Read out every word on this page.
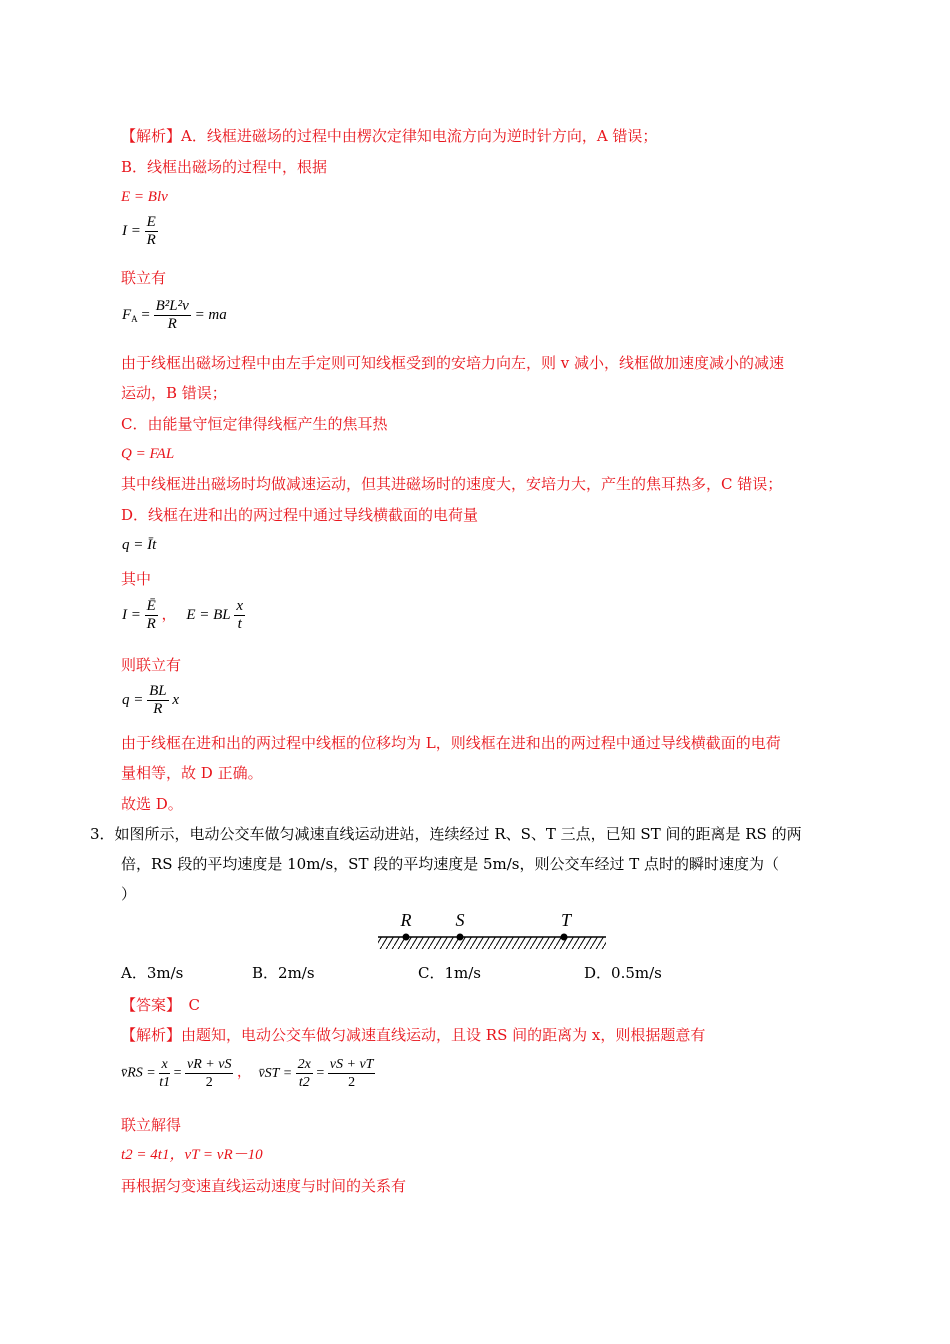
【解析】A．线框进磁场的过程中由楞次定律知电流方向为逆时针方向，A 错误；
B．线框出磁场的过程中，根据
E = Blv
$I = \frac{E}{R}$
联立有
$F_A = \frac{\text{B²L²v}}{R}$ = ma
由于线框出磁场过程中由左手定则可知线框受到的安培力向左，则 v 减小，线框做加速度减小的减速
运动，B 错误；
C．由能量守恒定律得线框产生的焦耳热
Q = FAL
其中线框进出磁场时均做减速运动，但其进磁场时的速度大，安培力大，产生的焦耳热多，C 错误；
D．线框在进和出的两过程中通过导线横截面的电荷量
q = Īt
其中
$I = \frac{Ē}{R}$ ， E = BL $\frac{x}{t}$
则联立有
$q = \frac{BL}{R}$ x
由于线框在进和出的两过程中线框的位移均为 L，则线框在进和出的两过程中通过导线横截面的电荷
量相等，故 D 正确。
故选 D。
3．如图所示，电动公交车做匀减速直线运动进站，连续经过 R、S、T 三点，已知 ST 间的距离是 RS 的两
倍，RS 段的平均速度是 10m/s，ST 段的平均速度是 5m/s，则公交车经过 T 点时的瞬时速度为（
）
R S	T
A．3m/s	B．2m/s	C．1m/s	D．0.5m/s
【答案】　C
【解析】由题知，电动公交车做匀减速直线运动，且设 RS 间的距离为 x，则根据题意有
v̄RS = $\frac{x}{t1} = \frac{vR + vS}{2}$ ， v̄ST = $\frac{2x}{t2} = \frac{vS + vT}{2}$
联立解得
t2 = 4t1，vT = vR－10
再根据匀变速直线运动速度与时间的关系有
